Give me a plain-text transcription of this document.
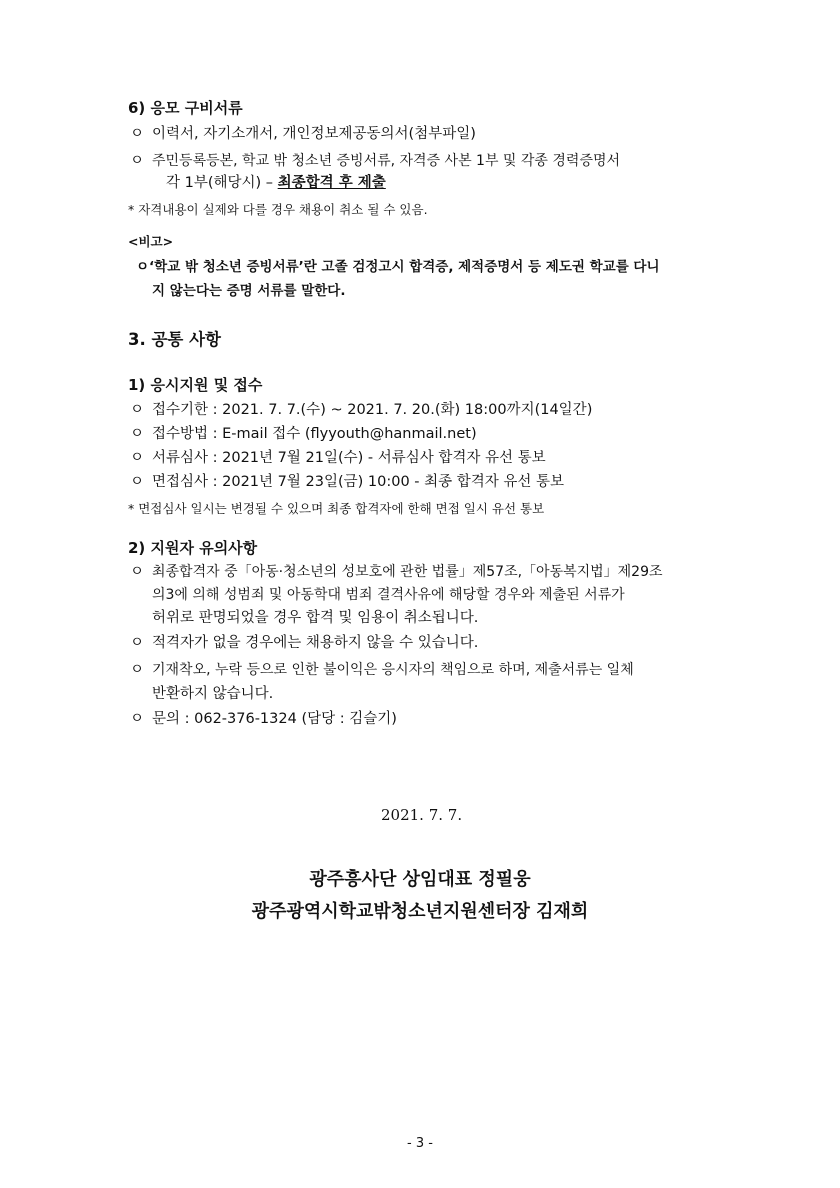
6) 응모 구비서류
ㅇ 이력서, 자기소개서, 개인정보제공동의서(첨부파일)
ㅇ 주민등록등본, 학교 밖 청소년 증빙서류, 자격증 사본 1부 및 각종 경력증명서
각 1부(해당시) – 최종합격 후 제출
* 자격내용이 실제와 다를 경우 채용이 취소 될 수 있음.
<비고>
ㅇ‘학교 밖 청소년 증빙서류’란 고졸 검정고시 합격증, 제적증명서 등 제도권 학교를 다니
지 않는다는 증명 서류를 말한다.
3. 공통 사항
1) 응시지원 및 접수
ㅇ 접수기한 : 2021. 7. 7.(수) ~ 2021. 7. 20.(화) 18:00까지(14일간)
ㅇ 접수방법 : E-mail 접수 (flyyouth@hanmail.net)
ㅇ 서류심사 : 2021년 7월 21일(수) - 서류심사 합격자 유선 통보
ㅇ 면접심사 : 2021년 7월 23일(금) 10:00 - 최종 합격자 유선 통보
* 면접심사 일시는 변경될 수 있으며 최종 합격자에 한해 면접 일시 유선 통보
2) 지원자 유의사항
ㅇ 최종합격자 중「아동·청소년의 성보호에 관한 법률」제57조,「아동복지법」제29조
의3에 의해 성범죄 및 아동학대 범죄 결격사유에 해당할 경우와 제출된 서류가
허위로 판명되었을 경우 합격 및 임용이 취소됩니다.
ㅇ 적격자가 없을 경우에는 채용하지 않을 수 있습니다.
ㅇ 기재착오, 누락 등으로 인한 불이익은 응시자의 책임으로 하며, 제출서류는 일체
반환하지 않습니다.
ㅇ 문의 : 062-376-1324 (담당 : 김슬기)
2021. 7. 7.
광주흥사단 상임대표 정필웅
광주광역시학교밖청소년지원센터장 김재희
- 3 -
